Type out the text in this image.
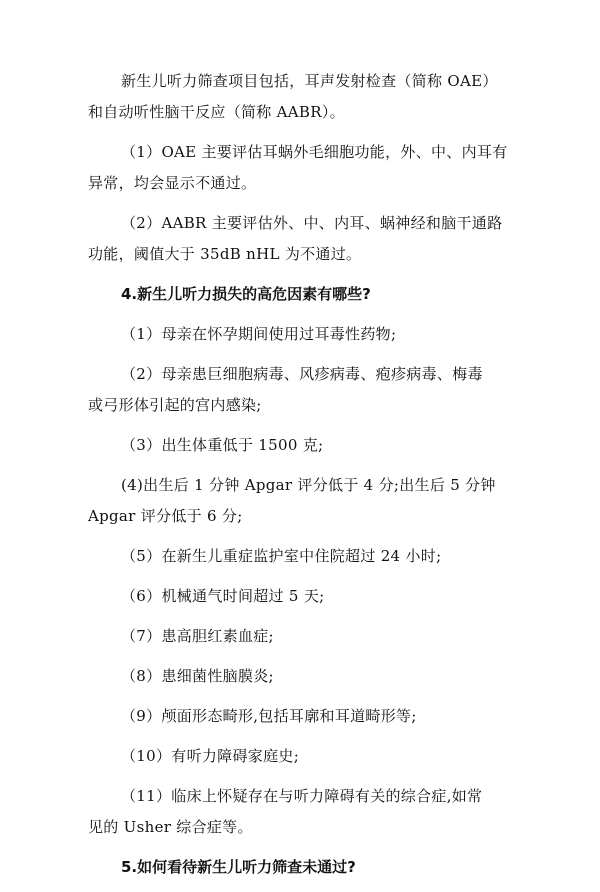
新生儿听力筛查项目包括，耳声发射检查（简称 OAE）
和自动听性脑干反应（简称 AABR）。
（1）OAE 主要评估耳蜗外毛细胞功能，外、中、内耳有
异常，均会显示不通过。
（2）AABR 主要评估外、中、内耳、蜗神经和脑干通路
功能，阈值大于 35dB nHL 为不通过。
4.新生儿听力损失的高危因素有哪些?
（1）母亲在怀孕期间使用过耳毒性药物;
（2）母亲患巨细胞病毒、风疹病毒、疱疹病毒、梅毒
或弓形体引起的宫内感染;
（3）出生体重低于 1500 克;
(4)出生后 1 分钟 Apgar 评分低于 4 分;出生后 5 分钟
Apgar 评分低于 6 分;
（5）在新生儿重症监护室中住院超过 24 小时;
（6）机械通气时间超过 5 天;
（7）患高胆红素血症;
（8）患细菌性脑膜炎;
（9）颅面形态畸形,包括耳廓和耳道畸形等;
（10）有听力障碍家庭史;
（11）临床上怀疑存在与听力障碍有关的综合症,如常
见的 Usher 综合症等。
5.如何看待新生儿听力筛查未通过?
